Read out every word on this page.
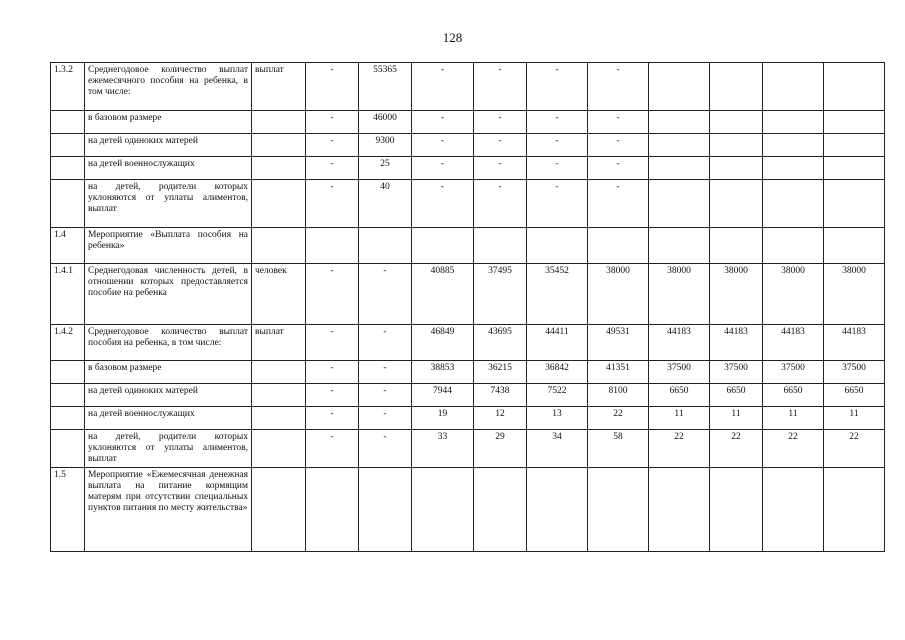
128
1.3.2	Среднегодовое количество выплат ежемесячного пособия на ребенка, в том числе:	выплат	-	55365	-	-	-	-				
	в базовом размере		-	46000	-	-	-	-				
	на детей одиноких матерей		-	9300	-	-	-	-				
	на детей военнослужащих		-	25	-	-	-	-				
	на детей, родители которых уклоняются от уплаты алиментов, выплат		-	40	-	-	-	-				
1.4	Мероприятие «Выплата пособия на ребенка»											
1.4.1	Среднегодовая численность детей, в отношении которых предоставляется пособие на ребенка	человек	-	-	40885	37495	35452	38000	38000	38000	38000	38000
1.4.2	Среднегодовое количество выплат пособия на ребенка, в том числе:	выплат	-	-	46849	43695	44411	49531	44183	44183	44183	44183
	в базовом размере		-	-	38853	36215	36842	41351	37500	37500	37500	37500
	на детей одиноких матерей		-	-	7944	7438	7522	8100	6650	6650	6650	6650
	на детей военнослужащих		-	-	19	12	13	22	11	11	11	11
	на детей, родители которых уклоняются от уплаты алиментов, выплат		-	-	33	29	34	58	22	22	22	22
1.5	Мероприятие «Ежемесячная денежная выплата на питание кормящим матерям при отсутствии специальных пунктов питания по месту жительства»											
